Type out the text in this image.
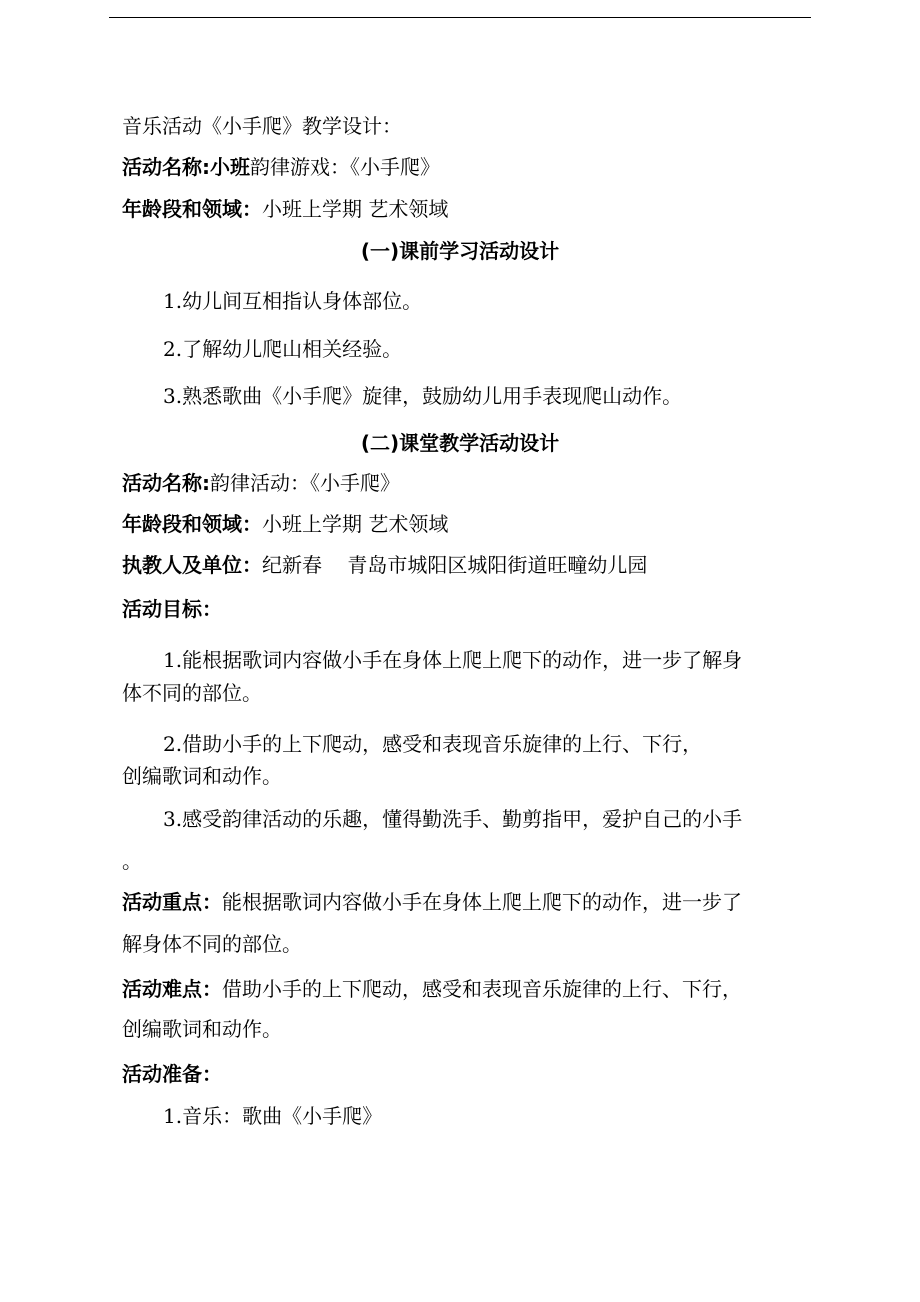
音乐活动《小手爬》教学设计：
活动名称:小班韵律游戏：《小手爬》
年龄段和领域：小班上学期 艺术领域
(一)课前学习活动设计
1.幼儿间互相指认身体部位。
2.了解幼儿爬山相关经验。
3.熟悉歌曲《小手爬》旋律，鼓励幼儿用手表现爬山动作。
(二)课堂教学活动设计
活动名称:韵律活动：《小手爬》
年龄段和领域：小班上学期 艺术领域
执教人及单位：纪新春    青岛市城阳区城阳街道旺疃幼儿园
活动目标：
1.能根据歌词内容做小手在身体上爬上爬下的动作，进一步了解身
体不同的部位。
2.借助小手的上下爬动，感受和表现音乐旋律的上行、下行，
创编歌词和动作。
3.感受韵律活动的乐趣，懂得勤洗手、勤剪指甲，爱护自己的小手
。
活动重点：能根据歌词内容做小手在身体上爬上爬下的动作，进一步了
解身体不同的部位。
活动难点：借助小手的上下爬动，感受和表现音乐旋律的上行、下行，
创编歌词和动作。
活动准备：
1.音乐：歌曲《小手爬》
